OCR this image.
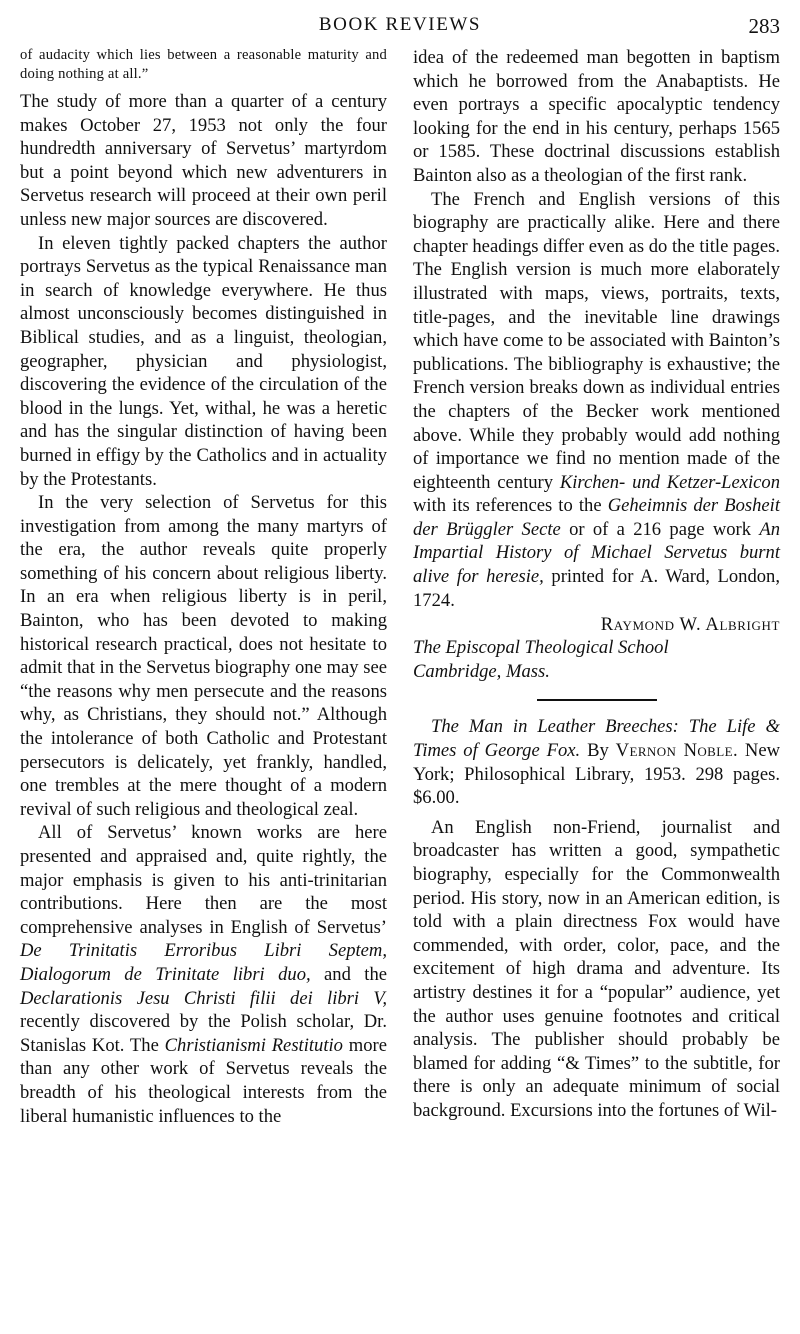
BOOK REVIEWS	283

of audacity which lies between a reasonable maturity and doing nothing at all.”

The study of more than a quarter of a century makes October 27, 1953 not only the four hundredth anniversary of Servetus’ martyrdom but a point beyond which new adventurers in Servetus research will proceed at their own peril unless new major sources are discovered.

In eleven tightly packed chapters the author portrays Servetus as the typical Renaissance man in search of knowledge everywhere. He thus almost unconsciously becomes distinguished in Biblical studies, and as a linguist, theologian, geographer, physician and physiologist, discovering the evidence of the circulation of the blood in the lungs. Yet, withal, he was a heretic and has the singular distinction of having been burned in effigy by the Catholics and in actuality by the Protestants.

In the very selection of Servetus for this investigation from among the many martyrs of the era, the author reveals quite properly something of his concern about religious liberty. In an era when religious liberty is in peril, Bainton, who has been devoted to making historical research practical, does not hesitate to admit that in the Servetus biography one may see “the reasons why men persecute and the reasons why, as Christians, they should not.” Although the intolerance of both Catholic and Protestant persecutors is delicately, yet frankly, handled, one trembles at the mere thought of a modern revival of such religious and theological zeal.

All of Servetus’ known works are here presented and appraised and, quite rightly, the major emphasis is given to his anti-trinitarian contributions. Here then are the most comprehensive analyses in English of Servetus’ De Trinitatis Erroribus Libri Septem, Dialogorum de Trinitate libri duo, and the Declarationis Jesu Christi filii dei libri V, recently discovered by the Polish scholar, Dr. Stanislas Kot. The Christianismi Restitutio more than any other work of Servetus reveals the breadth of his theological interests from the liberal humanistic influences to the

idea of the redeemed man begotten in baptism which he borrowed from the Anabaptists. He even portrays a specific apocalyptic tendency looking for the end in his century, perhaps 1565 or 1585. These doctrinal discussions establish Bainton also as a theologian of the first rank.

The French and English versions of this biography are practically alike. Here and there chapter headings differ even as do the title pages. The English version is much more elaborately illustrated with maps, views, portraits, texts, title-pages, and the inevitable line drawings which have come to be associated with Bainton’s publications. The bibliography is exhaustive; the French version breaks down as individual entries the chapters of the Becker work mentioned above. While they probably would add nothing of importance we find no mention made of the eighteenth century Kirchen- und Ketzer-Lexicon with its references to the Geheimnis der Bosheit der Brüggler Secte or of a 216 page work An Impartial History of Michael Servetus burnt alive for heresie, printed for A. Ward, London, 1724.

Raymond W. Albright
The Episcopal Theological School
Cambridge, Mass.

The Man in Leather Breeches: The Life & Times of George Fox. By Vernon Noble. New York; Philosophical Library, 1953. 298 pages. $6.00.

An English non-Friend, journalist and broadcaster has written a good, sympathetic biography, especially for the Commonwealth period. His story, now in an American edition, is told with a plain directness Fox would have commended, with order, color, pace, and the excitement of high drama and adventure. Its artistry destines it for a “popular” audience, yet the author uses genuine footnotes and critical analysis. The publisher should probably be blamed for adding “& Times” to the subtitle, for there is only an adequate minimum of social background. Excursions into the fortunes of Wil-
